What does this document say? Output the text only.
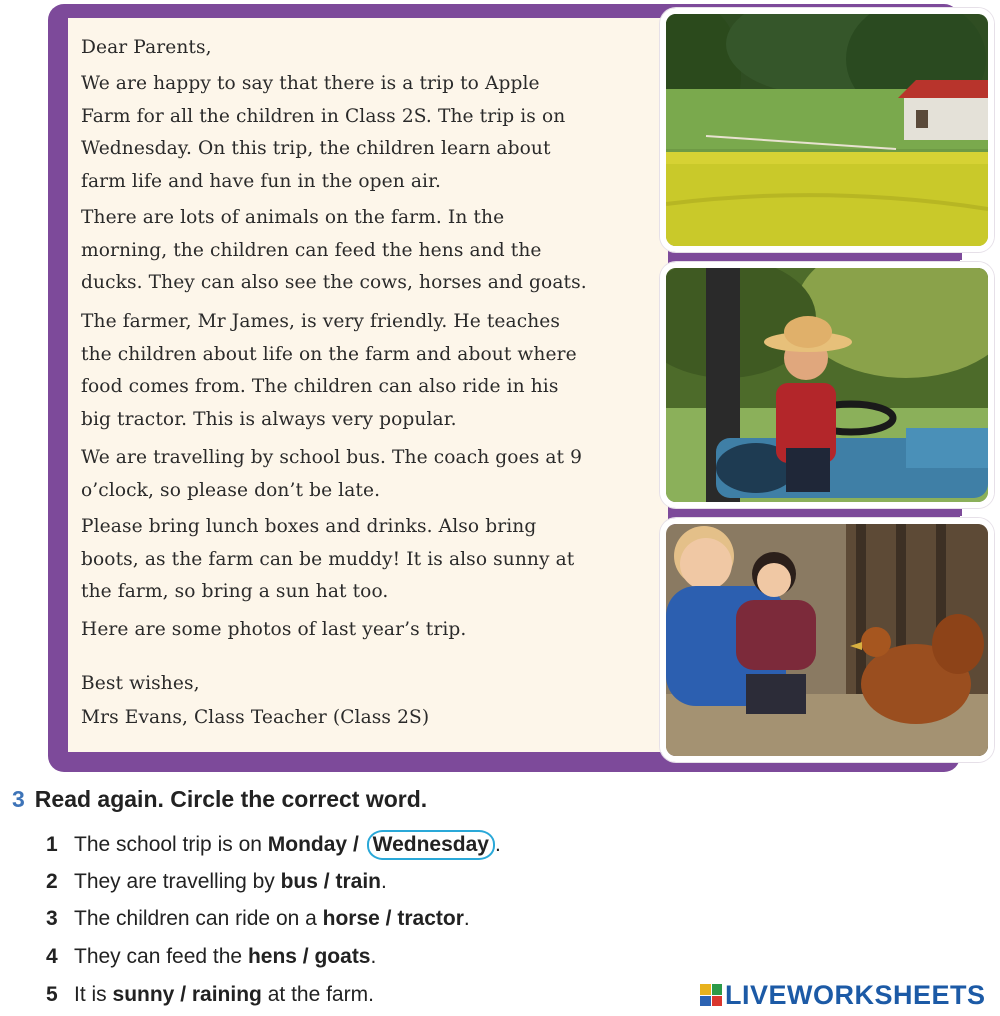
Dear Parents,

We are happy to say that there is a trip to Apple
Farm for all the children in Class 2S. The trip is on
Wednesday. On this trip, the children learn about
farm life and have fun in the open air.

There are lots of animals on the farm. In the
morning, the children can feed the hens and the
ducks. They can also see the cows, horses and goats.

The farmer, Mr James, is very friendly. He teaches
the children about life on the farm and about where
food comes from. The children can also ride in his
big tractor. This is always very popular.

We are travelling by school bus. The coach goes at 9
o’clock, so please don’t be late.

Please bring lunch boxes and drinks. Also bring
boots, as the farm can be muddy! It is also sunny at
the farm, so bring a sun hat too.

Here are some photos of last year’s trip.

Best wishes,

Mrs Evans, Class Teacher (Class 2S)

3 Read again. Circle the correct word.
1 The school trip is on Monday / Wednesday .
2 They are travelling by bus / train.
3 The children can ride on a horse / tractor.
4 They can feed the hens / goats.
5 It is sunny / raining at the farm.	LIVEWORKSHEETS
